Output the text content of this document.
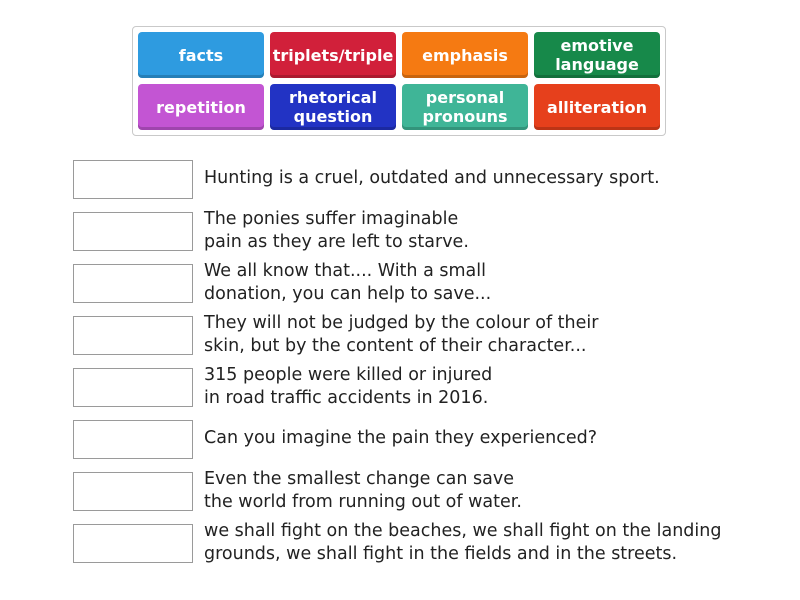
facts	triplets/triple	emphasis	emotive
language
repetition	rhetorical
question
personal
pronouns	alliteration
Hunting is a cruel, outdated and unnecessary sport.
The ponies suffer imaginable
pain as they are left to starve.
We all know that.... With a small
donation, you can help to save...
They will not be judged by the colour of their
skin, but by the content of their character...
315 people were killed or injured
in road traffic accidents in 2016.
Can you imagine the pain they experienced?
Even the smallest change can save
the world from running out of water.
we shall fight on the beaches, we shall fight on the landing
grounds, we shall fight in the fields and in the streets.
